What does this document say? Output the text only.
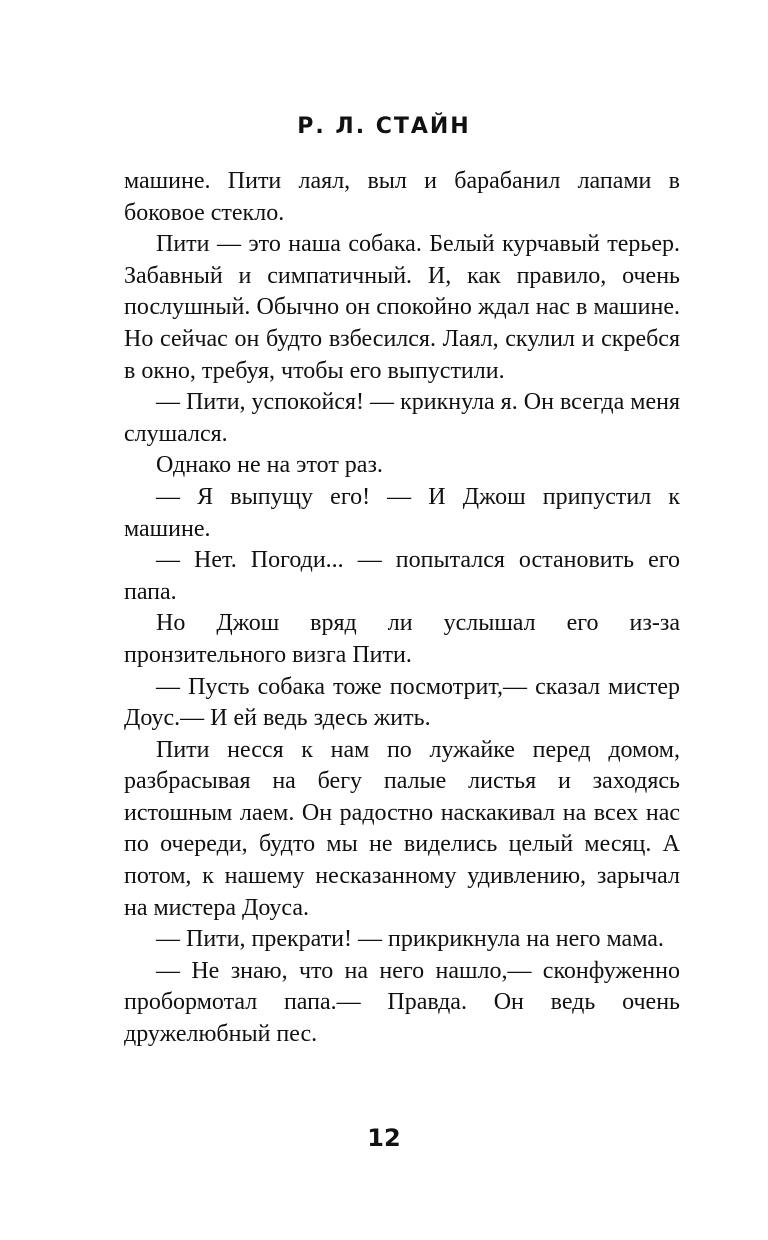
Р. Л. СТАЙН

машине. Пити лаял, выл и барабанил лапами в боковое стекло.

Пити — это наша собака. Белый курчавый терьер. Забавный и симпатичный. И, как правило, очень послушный. Обычно он спокойно ждал нас в машине. Но сейчас он будто взбесился. Лаял, скулил и скребся в окно, требуя, чтобы его выпустили.

— Пити, успокойся! — крикнула я. Он всегда меня слушался.

Однако не на этот раз.

— Я выпущу его! — И Джош припустил к машине.

— Нет. Погоди... — попытался остановить его папа.

Но Джош вряд ли услышал его из-за пронзительного визга Пити.

— Пусть собака тоже посмотрит,— сказал мистер Доус.— И ей ведь здесь жить.

Пити несся к нам по лужайке перед домом, разбрасывая на бегу палые листья и заходясь истошным лаем. Он радостно наскакивал на всех нас по очереди, будто мы не виделись целый месяц. А потом, к нашему несказанному удивлению, зарычал на мистера Доуса.

— Пити, прекрати! — прикрикнула на него мама.

— Не знаю, что на него нашло,— сконфуженно пробормотал папа.— Правда. Он ведь очень дружелюбный пес.

12
